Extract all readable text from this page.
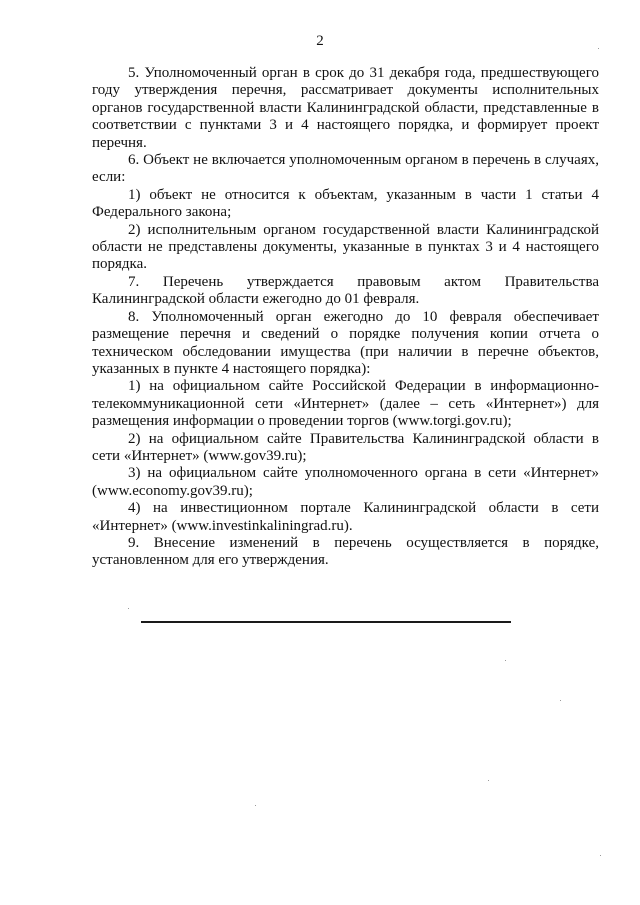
2

5. Уполномоченный орган в срок до 31 декабря года, предшествующего году утверждения перечня, рассматривает документы исполнительных органов государственной власти Калининградской области, представленные в соответствии с пунктами 3 и 4 настоящего порядка, и формирует проект перечня.

6. Объект не включается уполномоченным органом в перечень в случаях, если:

1) объект не относится к объектам, указанным в части 1 статьи 4 Федерального закона;

2) исполнительным органом государственной власти Калининградской области не представлены документы, указанные в пунктах 3 и 4 настоящего порядка.

7. Перечень утверждается правовым актом Правительства Калининградской области ежегодно до 01 февраля.

8. Уполномоченный орган ежегодно до 10 февраля обеспечивает размещение перечня и сведений о порядке получения копии отчета о техническом обследовании имущества (при наличии в перечне объектов, указанных в пункте 4 настоящего порядка):

1) на официальном сайте Российской Федерации в информационно-телекоммуникационной сети «Интернет» (далее – сеть «Интернет») для размещения информации о проведении торгов (www.torgi.gov.ru);

2) на официальном сайте Правительства Калининградской области в сети «Интернет» (www.gov39.ru);

3) на официальном сайте уполномоченного органа в сети «Интернет» (www.economy.gov39.ru);

4) на инвестиционном портале Калининградской области в сети «Интернет» (www.investinkaliningrad.ru).

9. Внесение изменений в перечень осуществляется в порядке, установленном для его утверждения.
